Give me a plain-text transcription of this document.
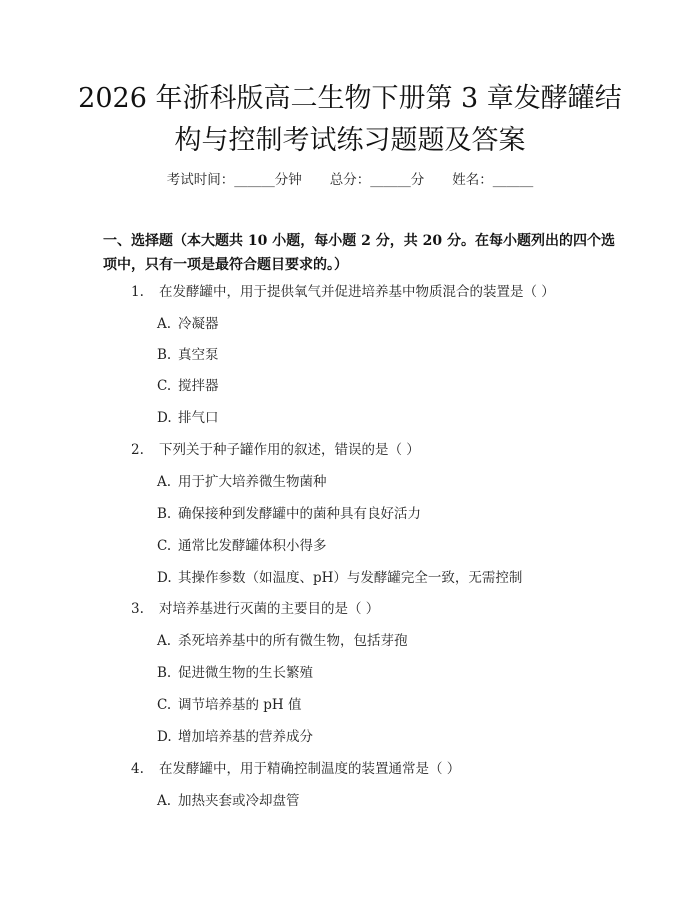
2026 年浙科版高二生物下册第 3 章发酵罐结
构与控制考试练习题题及答案
考试时间：______分钟 总分：______分 姓名：______
一、选择题（本大题共 10 小题，每小题 2 分，共 20 分。在每小题列出的四个选
项中，只有一项是最符合题目要求的。）
1. 在发酵罐中，用于提供氧气并促进培养基中物质混合的装置是（ ）
A. 冷凝器
B. 真空泵
C. 搅拌器
D. 排气口
2. 下列关于种子罐作用的叙述，错误的是（ ）
A. 用于扩大培养微生物菌种
B. 确保接种到发酵罐中的菌种具有良好活力
C. 通常比发酵罐体积小得多
D. 其操作参数（如温度、pH）与发酵罐完全一致，无需控制
3. 对培养基进行灭菌的主要目的是（ ）
A. 杀死培养基中的所有微生物，包括芽孢
B. 促进微生物的生长繁殖
C. 调节培养基的 pH 值
D. 增加培养基的营养成分
4. 在发酵罐中，用于精确控制温度的装置通常是（ ）
A. 加热夹套或冷却盘管
